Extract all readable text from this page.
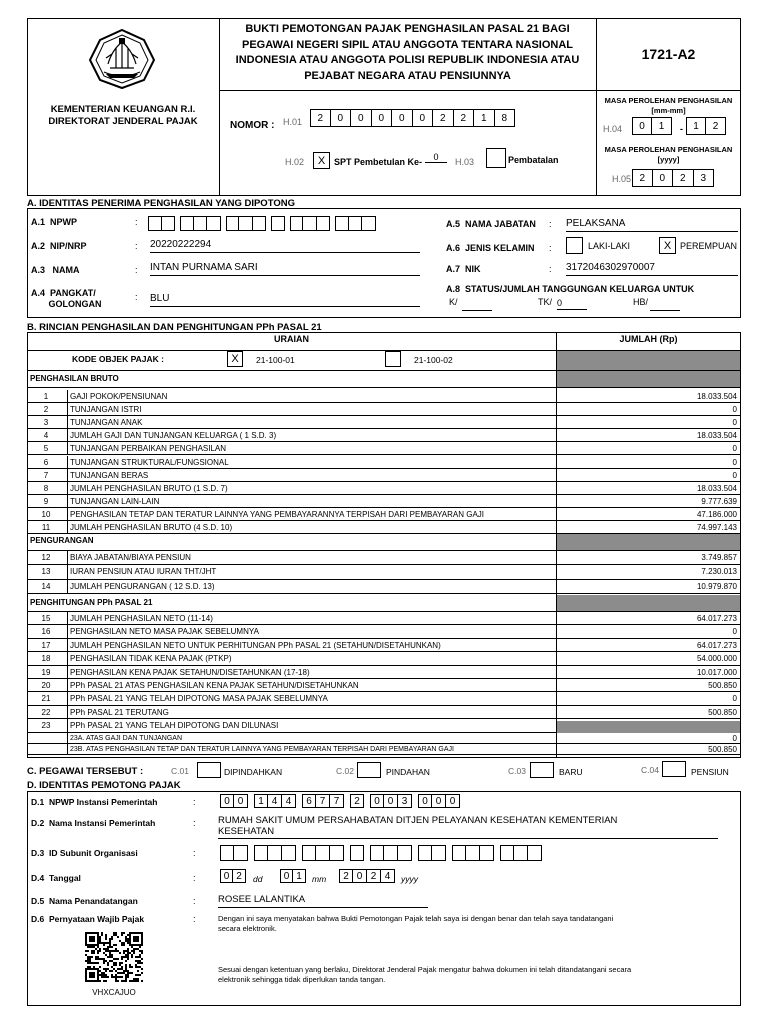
KEMENTERIAN KEUANGAN R.I.
DIREKTORAT JENDERAL PAJAK
BUKTI PEMOTONGAN PAJAK PENGHASILAN PASAL 21 BAGI
PEGAWAI NEGERI SIPIL ATAU ANGGOTA TENTARA NASIONAL
INDONESIA ATAU ANGGOTA POLISI REPUBLIK INDONESIA ATAU
PEJABAT NEGARA ATAU PENSIUNNYA
1721-A2
NOMOR : H.01	2	0	0	0	0	0	2	2	1	8
H.02	X SPT Pembetulan Ke-	0	H.03	Pembatalan
MASA PEROLEHAN PENGHASILAN
[mm-mm]
H.04	0	1	1	2
-
MASA PEROLEHAN PENGHASILAN
[yyyy]
H.05 2	0	2	3
A. IDENTITAS PENERIMA PENGHASILAN YANG DIPOTONG
A.1 NPWP	:
A.2 NIP/NRP	: 20220222294
A.3 NAMA	: INTAN PURNAMA SARI
A.4 PANGKAT/
GOLONGAN
: BLU
A.5 NAMA JABATAN : PELAKSANA
A.6 JENIS KELAMIN :	LAKI-LAKI	X PEREMPUAN
A.7 NIK	: 3172046302970007
A.8 STATUS/JUMLAH TANGGUNGAN KELUARGA UNTUK
K/	TK/ 0	HB/
B. RINCIAN PENGHASILAN DAN PENGHITUNGAN PPh PASAL 21
URAIAN	JUMLAH (Rp)
KODE OBJEK PAJAK :	X	21-100-01	21-100-02
PENGHASILAN BRUTO
1	GAJI POKOK/PENSIUNAN	18.033.504
2	TUNJANGAN ISTRI	0
3	TUNJANGAN ANAK	0
4	JUMLAH GAJI DAN TUNJANGAN KELUARGA ( 1 S.D. 3)	18.033.504
5	TUNJANGAN PERBAIKAN PENGHASILAN	0
6	TUNJANGAN STRUKTURAL/FUNGSIONAL	0
7	TUNJANGAN BERAS	0
8	JUMLAH PENGHASILAN BRUTO (1 S.D. 7)	18.033.504
9	TUNJANGAN LAIN-LAIN	9.777.639
10	PENGHASILAN TETAP DAN TERATUR LAINNYA YANG PEMBAYARANNYA TERPISAH DARI PEMBAYARAN GAJI	47.186.000
11	JUMLAH PENGHASILAN BRUTO (4 S.D. 10)	74.997.143
PENGURANGAN
12	BIAYA JABATAN/BIAYA PENSIUN	3.749.857
13	IURAN PENSIUN ATAU IURAN THT/JHT	7.230.013
14	JUMLAH PENGURANGAN ( 12 S.D. 13)	10.979.870
PENGHITUNGAN PPh PASAL 21
15	JUMLAH PENGHASILAN NETO (11-14)	64.017.273
16	PENGHASILAN NETO MASA PAJAK SEBELUMNYA	0
17	JUMLAH PENGHASILAN NETO UNTUK PERHITUNGAN PPh PASAL 21 (SETAHUN/DISETAHUNKAN)	64.017.273
18	PENGHASILAN TIDAK KENA PAJAK (PTKP)	54.000.000
19	PENGHASILAN KENA PAJAK SETAHUN/DISETAHUNKAN (17-18)	10.017.000
20	PPh PASAL 21 ATAS PENGHASILAN KENA PAJAK SETAHUN/DISETAHUNKAN	500.850
21	PPh PASAL 21 YANG TELAH DIPOTONG MASA PAJAK SEBELUMNYA	0
22	PPh PASAL 21 TERUTANG	500.850
23	PPh PASAL 21 YANG TELAH DIPOTONG DAN DILUNASI
23A. ATAS GAJI DAN TUNJANGAN	0
23B. ATAS PENGHASILAN TETAP DAN TERATUR LAINNYA YANG PEMBAYARAN TERPISAH DARI PEMBAYARAN GAJI	500.850
C. PEGAWAI TERSEBUT :	C.01	DIPINDAHKAN	C.02	PINDAHAN	C.03	BARU	C.04	PENSIUN
D. IDENTITAS PEMOTONG PAJAK
D.1 NPWP Instansi Pemerintah	:	0 0	1 4 4	6 7 7	2	0 0 3	0 0 0
D.2 Nama Instansi Pemerintah	: RUMAH SAKIT UMUM PERSAHABATAN DITJEN PELAYANAN KESEHATAN KEMENTERIAN
KESEHATAN
D.3 ID Subunit Organisasi	:
D.4 Tanggal	:	0 2	0 1	2 0 2 4
dd	mm	yyyy
D.5 Nama Penandatangan	: ROSEE LALANTIKA
D.6 Pernyataan Wajib Pajak	:	Dengan ini saya menyatakan bahwa Bukti Pemotongan Pajak telah saya isi dengan benar dan telah saya tandatangani
secara elektronik.
VHXCAJUO
Sesuai dengan ketentuan yang berlaku, Direktorat Jenderal Pajak mengatur bahwa dokumen ini telah ditandatangani secara
elektronik sehingga tidak diperlukan tanda tangan.
